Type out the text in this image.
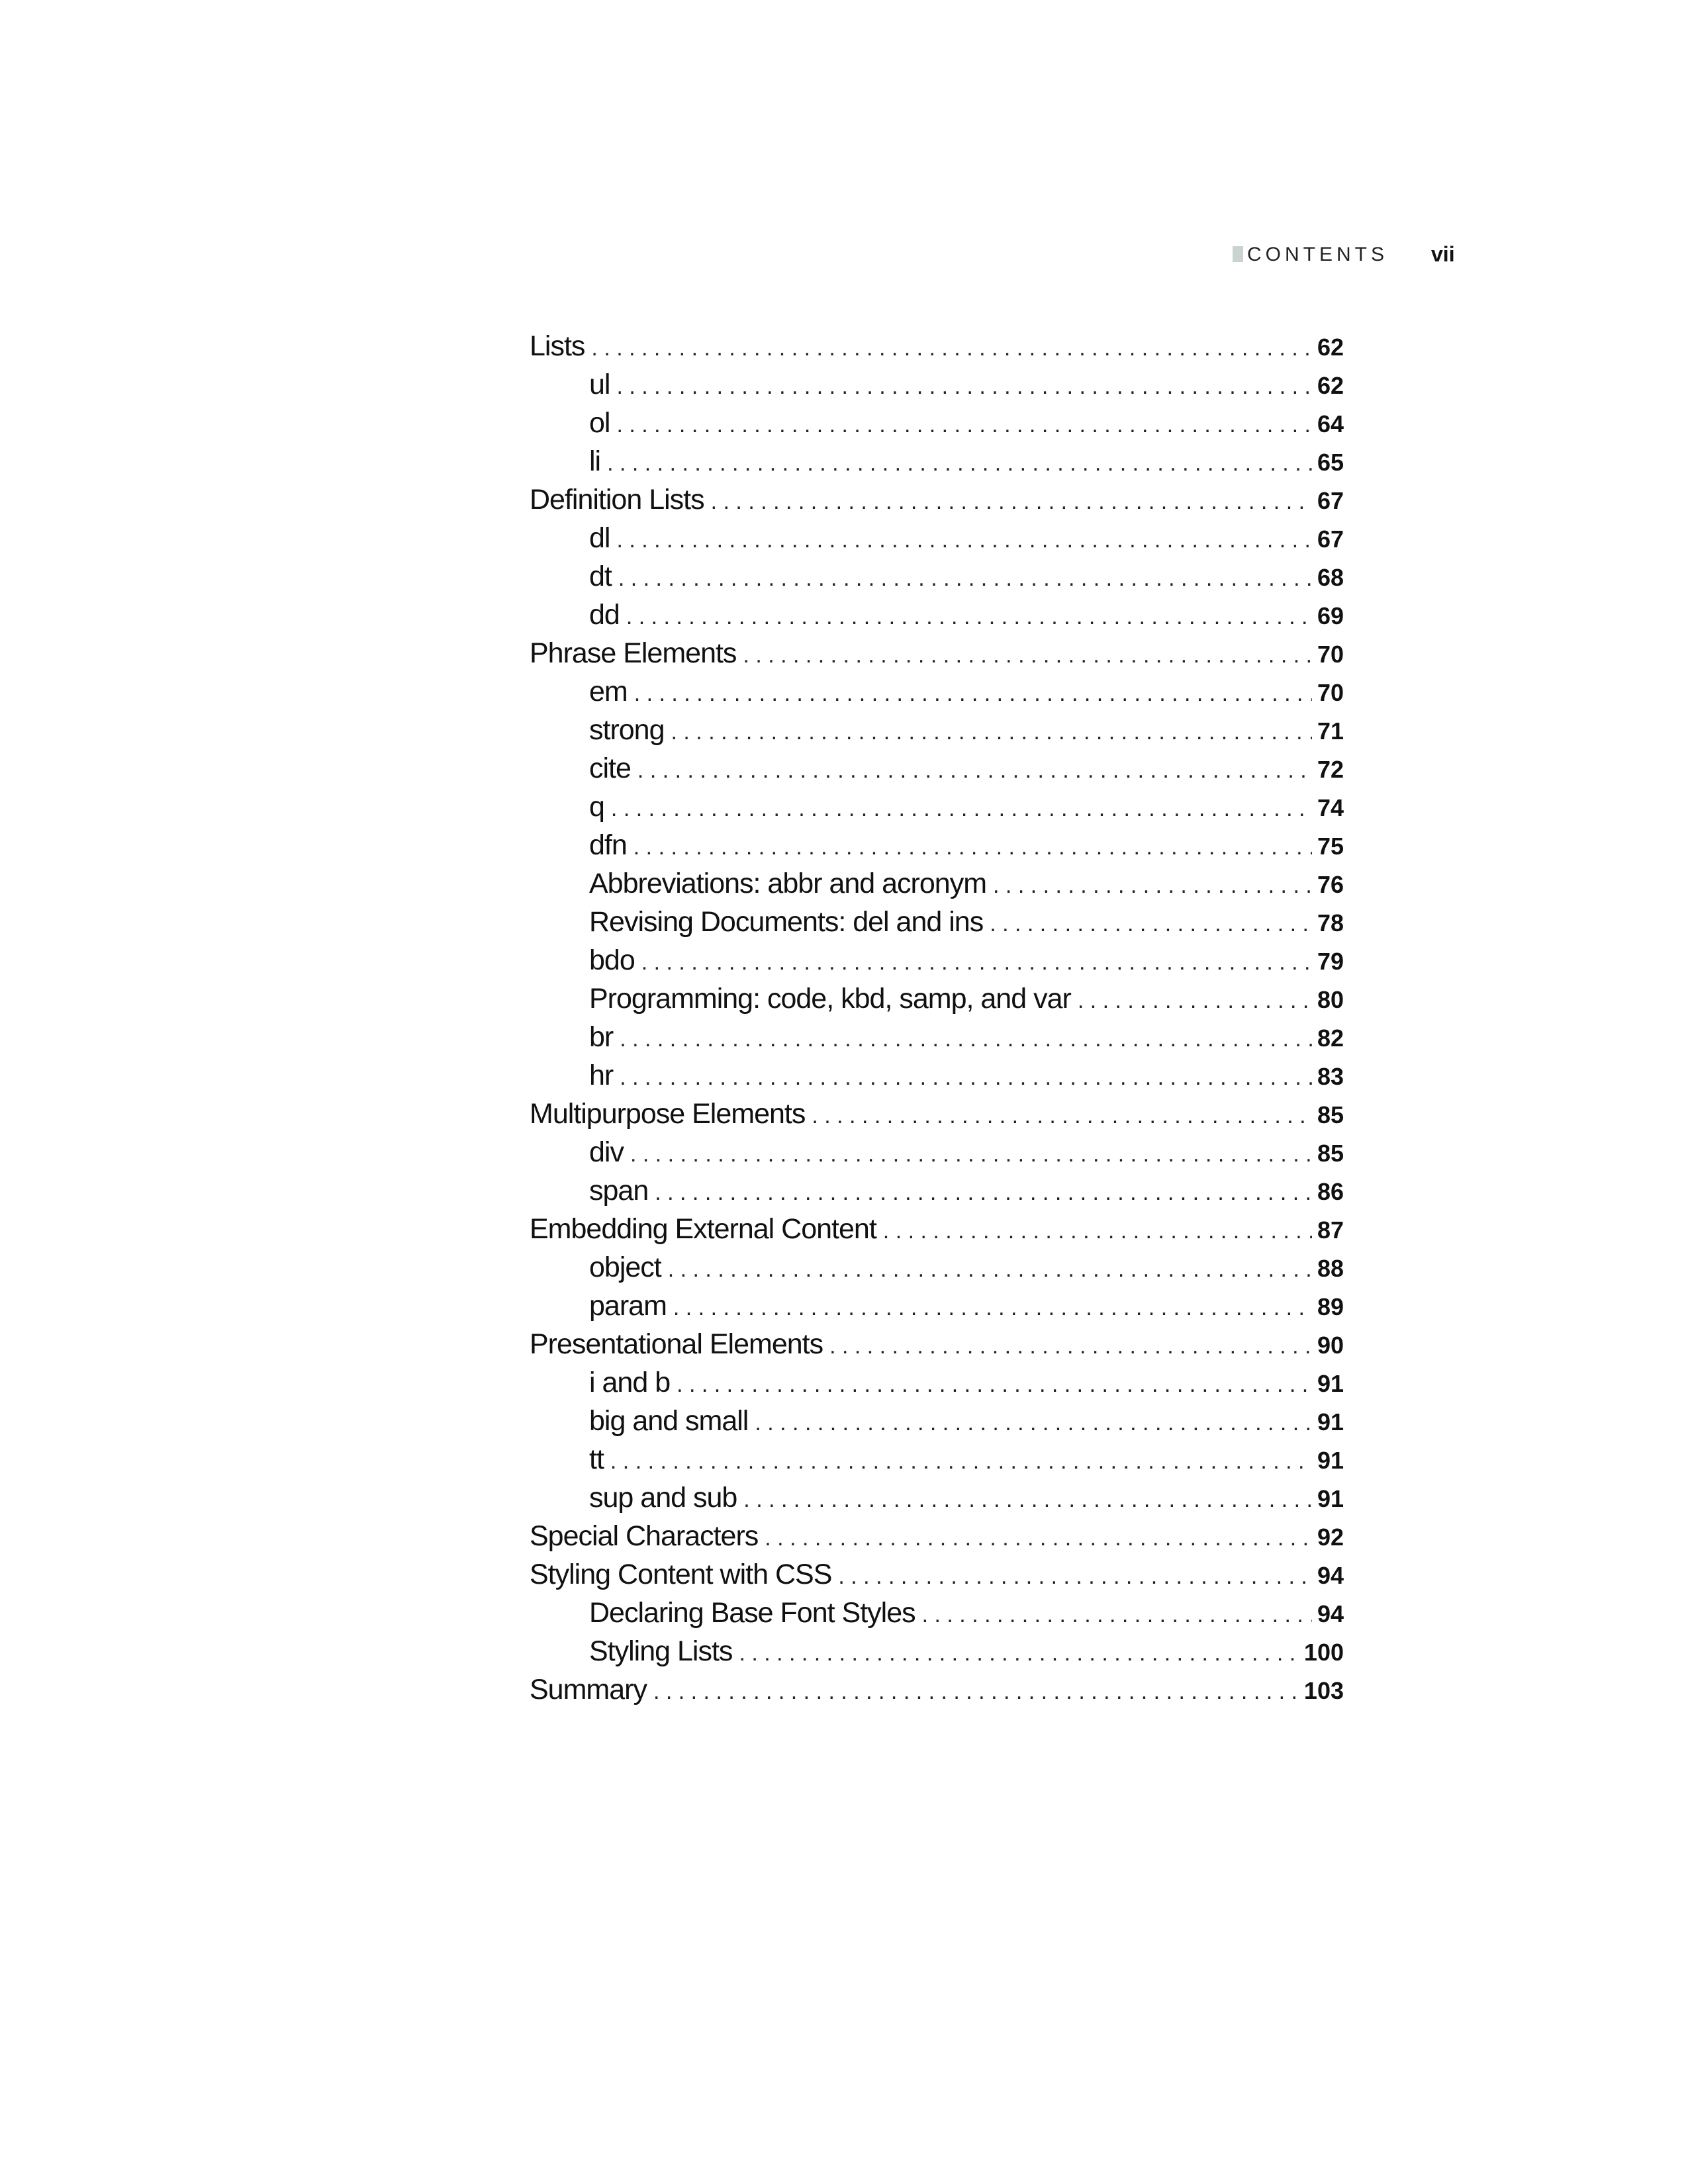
CONTENTS vii
Lists . . .	62
ul . . .	62
ol . . .	64
li . . .	65
Definition Lists . . .	67
dl . . .	67
dt . . .	68
dd . . .	69
Phrase Elements . . .	70
em . . .	70
strong . . .	71
cite . . .	72
q . . .	74
dfn . . .	75
Abbreviations: abbr and acronym . . .	76
Revising Documents: del and ins . . .	78
bdo . . .	79
Programming: code, kbd, samp, and var . . .	80
br . . .	82
hr . . .	83
Multipurpose Elements . . .	85
div . . .	85
span . . .	86
Embedding External Content . . .	87
object . . .	88
param . . .	89
Presentational Elements . . .	90
i and b . . .	91
big and small . . .	91
tt . . .	91
sup and sub . . .	91
Special Characters . . .	92
Styling Content with CSS . . .	94
Declaring Base Font Styles . . .	94
Styling Lists . . .	100
Summary . . .	103
